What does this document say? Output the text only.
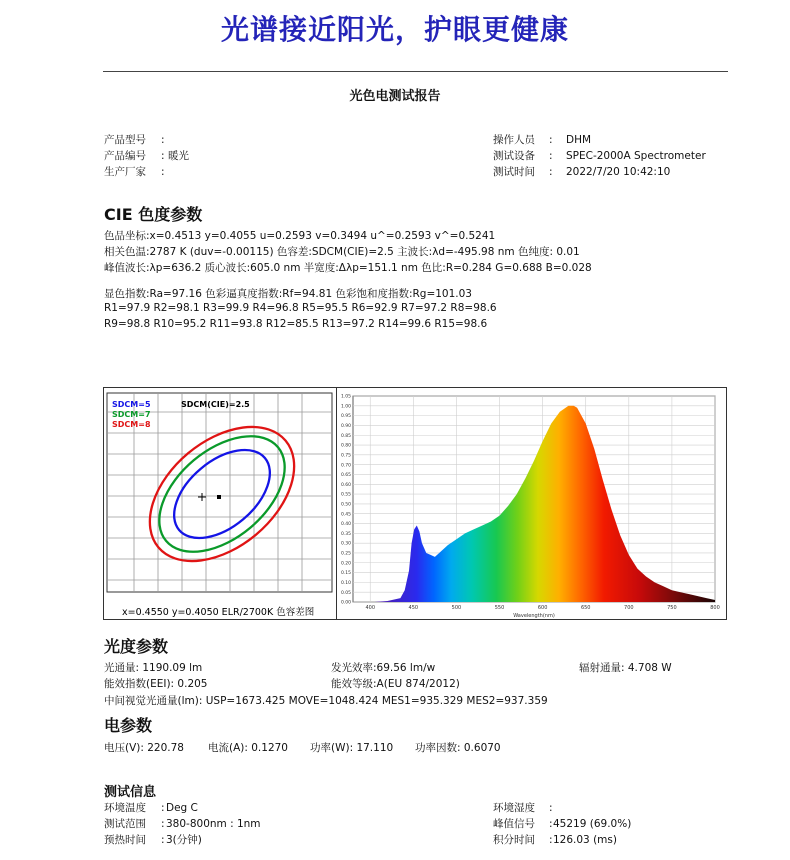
光谱接近阳光，护眼更健康
光色电测试报告
产品型号 :
产品编号 : 暖光
生产厂家 :
操作人员 : DHM
测试设备 : SPEC-2000A Spectrometer
测试时间 : 2022/7/20 10:42:10
CIE 色度参数
色品坐标:x=0.4513 y=0.4055 u=0.2593 v=0.3494 u^=0.2593 v^=0.5241
相关色温:2787 K (duv=-0.00115) 色容差:SDCM(CIE)=2.5 主波长:λd=-495.98 nm 色纯度: 0.01
峰值波长:λp=636.2 质心波长:605.0 nm 半宽度:Δλp=151.1 nm 色比:R=0.284 G=0.688 B=0.028
显色指数:Ra=97.16 色彩逼真度指数:Rf=94.81 色彩饱和度指数:Rg=101.03
R1=97.9 R2=98.1 R3=99.9 R4=96.8 R5=95.5 R6=92.9 R7=97.2 R8=98.6
R9=98.8 R10=95.2 R11=93.8 R12=85.5 R13=97.2 R14=99.6 R15=98.6
SDCM=5
SDCM=7
SDCM=8
SDCM(CIE)=2.5
x=0.4550 y=0.4050 ELR/2700K 色容差图
0.00
0.05
0.10
0.15
0.20
0.25
0.30
0.35
0.40
0.45
0.50
0.55
0.60
0.65
0.70
0.75
0.80
0.85
0.90
0.95
1.00
1.05
400	450	500	550	600	650	700	750	800
Wavelength(nm)
光度参数
光通量: 1190.09 lm	发光效率:69.56 lm/w	辐射通量: 4.708 W
能效指数(EEI): 0.205	能效等级:A(EU 874/2012)
中间视觉光通量(lm): USP=1673.425 MOVE=1048.424 MES1=935.329 MES2=937.359
电参数
电压(V): 220.78 电流(A): 0.1270 功率(W): 17.110 功率因数: 0.6070
测试信息
环境温度 : Deg C
测试范围 : 380-800nm : 1nm
预热时间 : 3(分钟)
环境湿度 :
峰值信号 : 45219 (69.0%)
积分时间 : 126.03 (ms)
